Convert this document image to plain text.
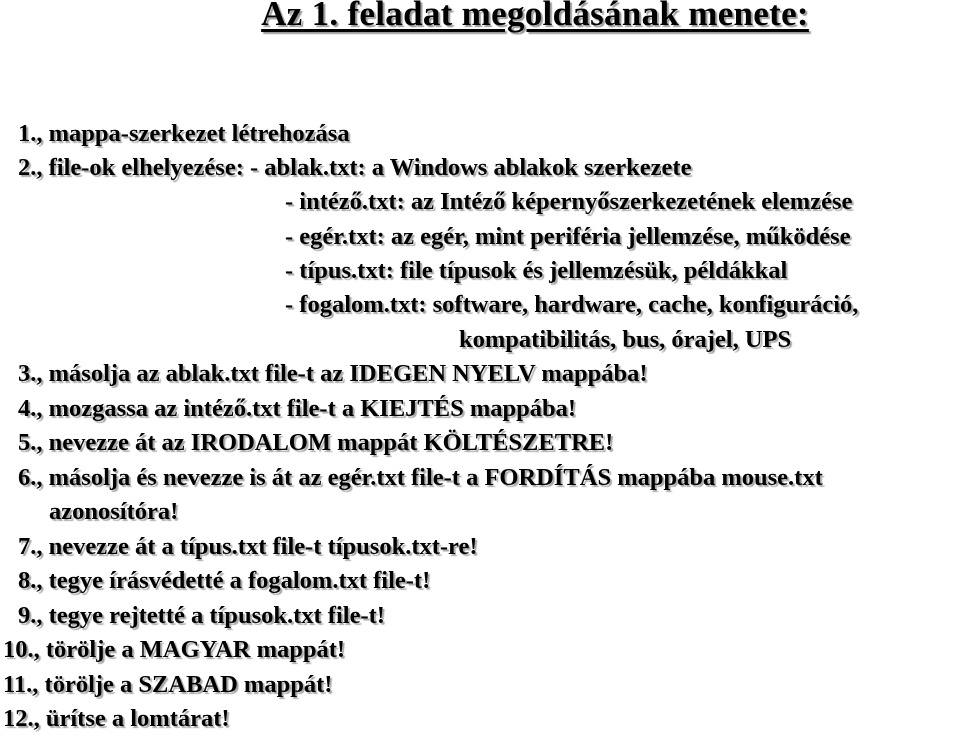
Az 1. feladat megoldásának menete:
1., mappa-szerkezet létrehozása
2., file-ok elhelyezése: - ablak.txt: a Windows ablakok szerkezete
- intéző.txt: az Intéző képernyőszerkezetének elemzése
- egér.txt: az egér, mint periféria jellemzése, működése
- típus.txt: file típusok és jellemzésük, példákkal
- fogalom.txt: software, hardware, cache, konfiguráció,
kompatibilitás, bus, órajel, UPS
3., másolja az ablak.txt file-t az IDEGEN NYELV mappába!
4., mozgassa az intéző.txt file-t a KIEJTÉS mappába!
5., nevezze át az IRODALOM mappát KÖLTÉSZETRE!
6., másolja és nevezze is át az egér.txt file-t a FORDÍTÁS mappába mouse.txt
azonosítóra!
7., nevezze át a típus.txt file-t típusok.txt-re!
8., tegye írásvédetté a fogalom.txt file-t!
9., tegye rejtetté a típusok.txt file-t!
10., törölje a MAGYAR mappát!
11., törölje a SZABAD mappát!
12., ürítse a lomtárat!
